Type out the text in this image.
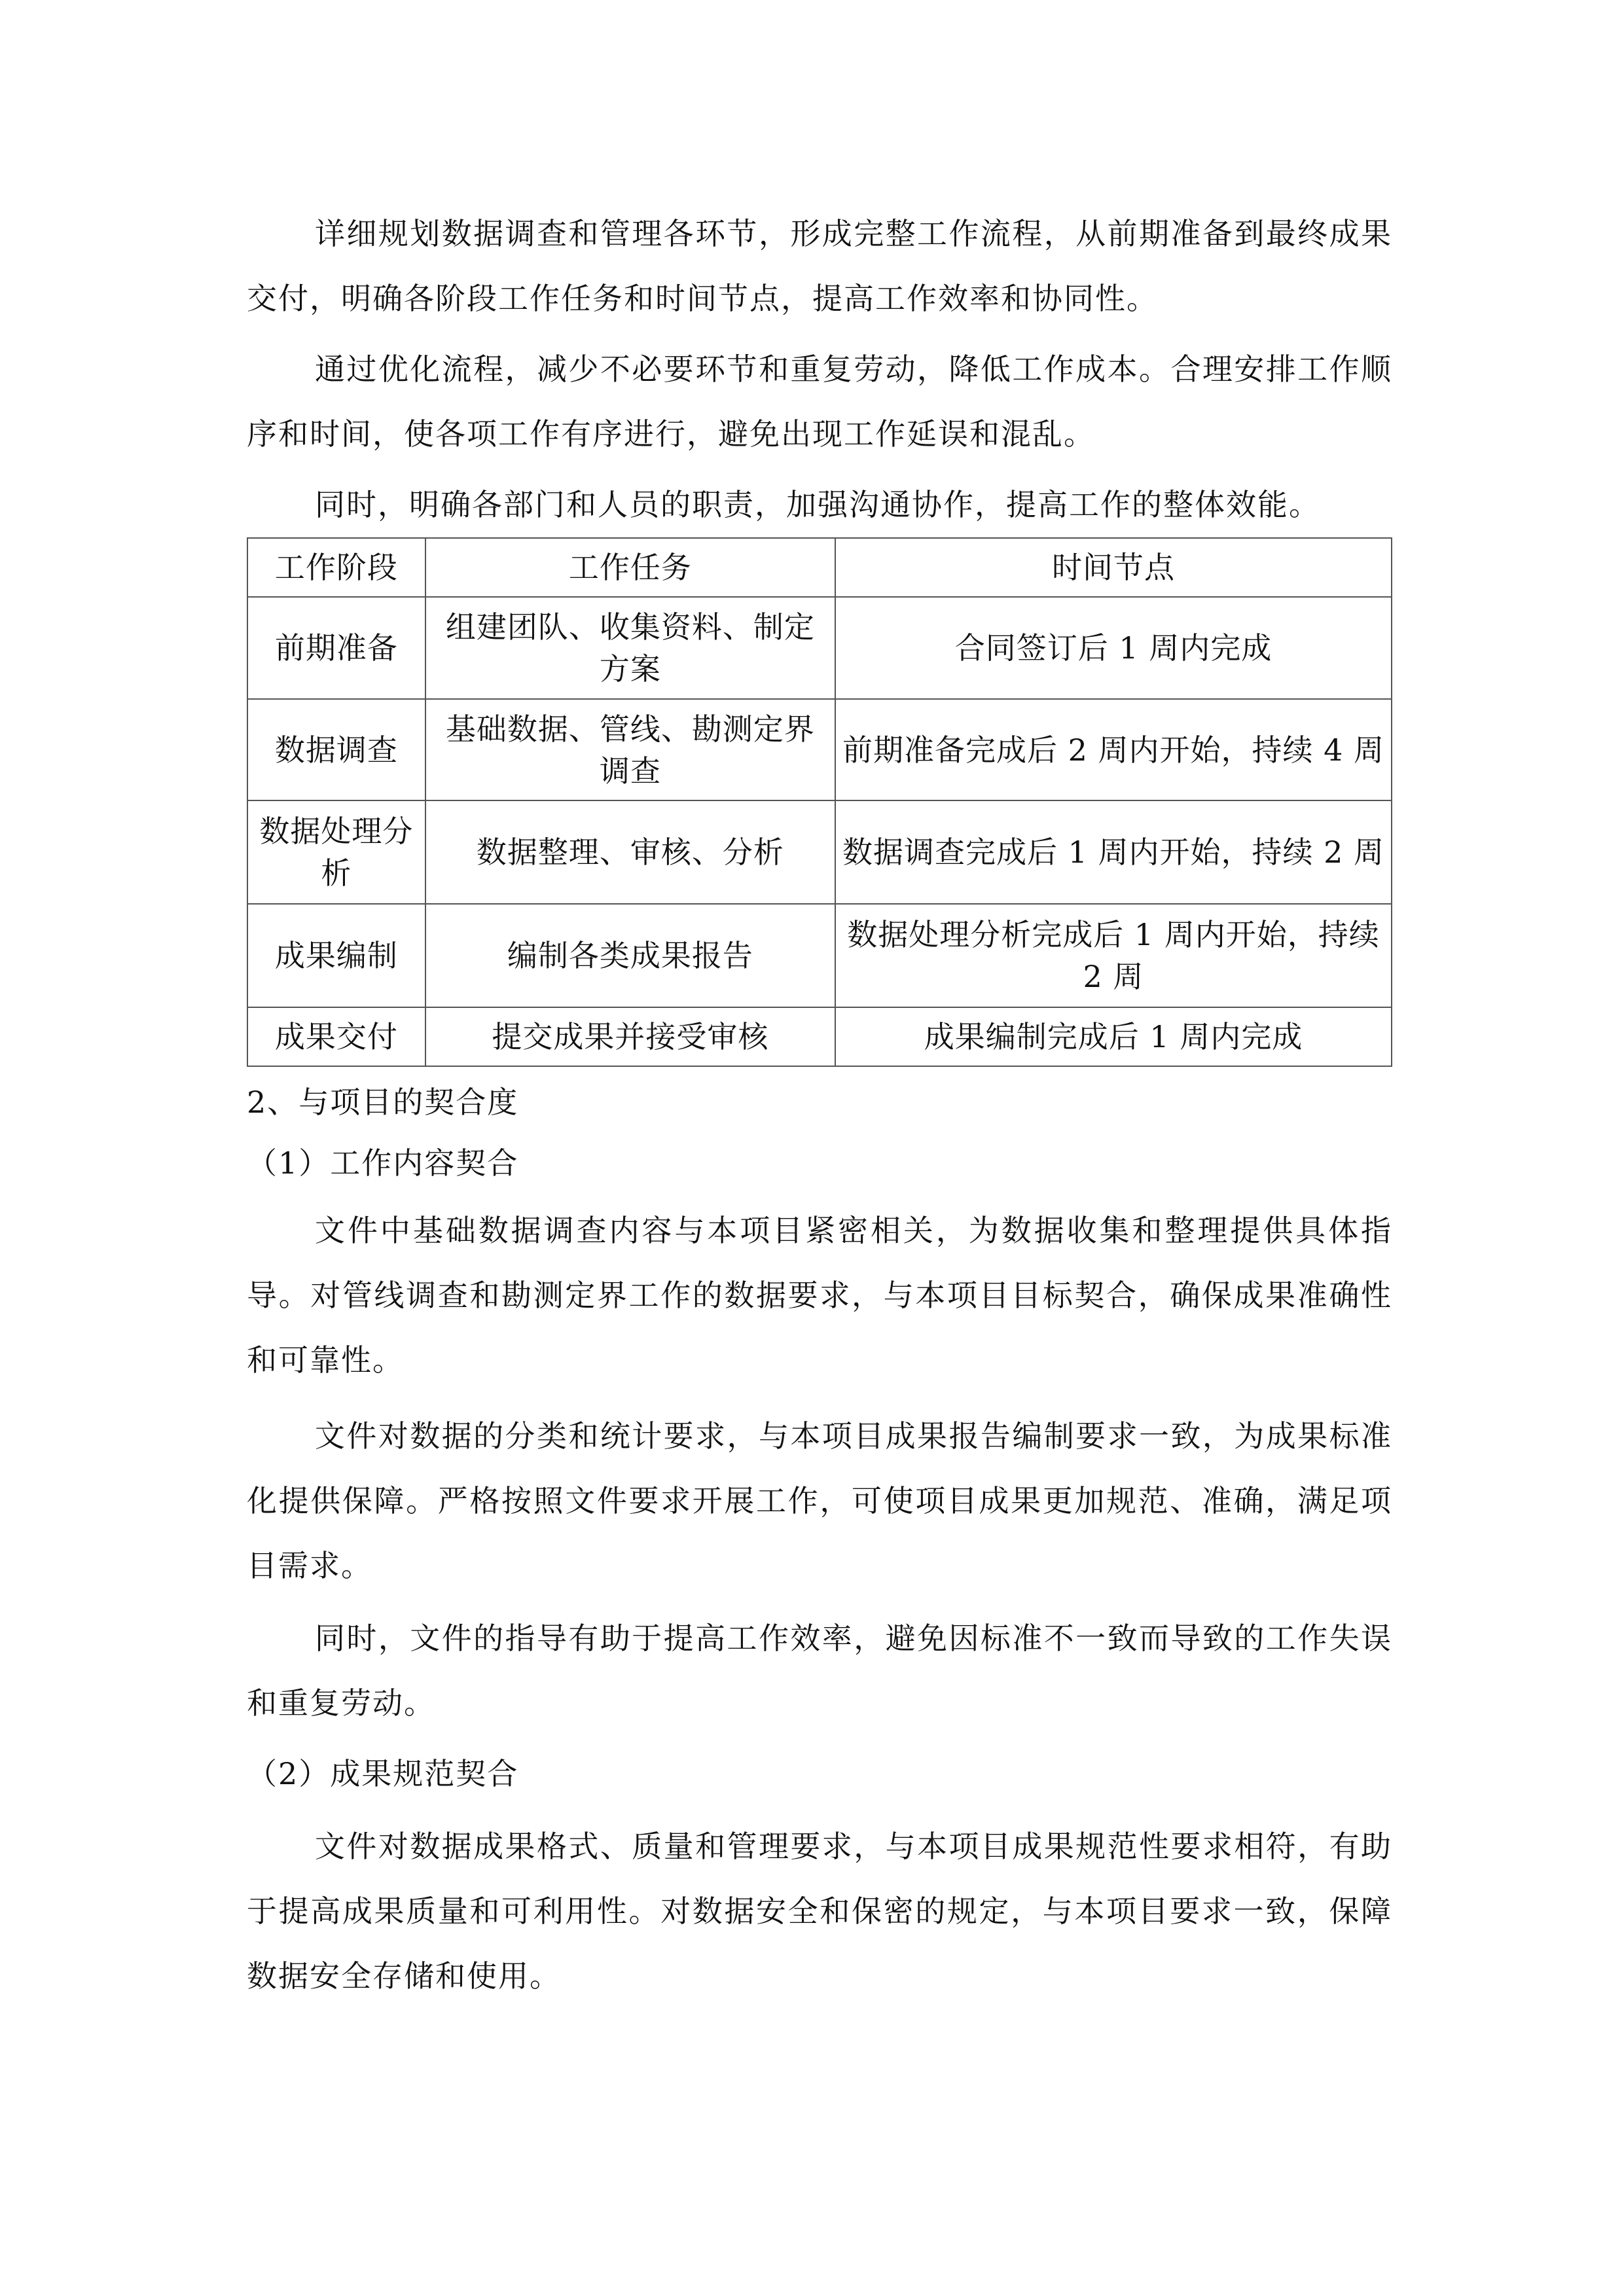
详细规划数据调查和管理各环节，形成完整工作流程，从前期准备到最终成果交付，明确各阶段工作任务和时间节点，提高工作效率和协同性。

通过优化流程，减少不必要环节和重复劳动，降低工作成本。合理安排工作顺序和时间，使各项工作有序进行，避免出现工作延误和混乱。

同时，明确各部门和人员的职责，加强沟通协作，提高工作的整体效能。

工作阶段	工作任务	时间节点
前期准备	组建团队、收集资料、制定方案	合同签订后 1 周内完成
数据调查	基础数据、管线、勘测定界调查	前期准备完成后 2 周内开始，持续 4 周
数据处理分析	数据整理、审核、分析	数据调查完成后 1 周内开始，持续 2 周
成果编制	编制各类成果报告	数据处理分析完成后 1 周内开始，持续 2 周
成果交付	提交成果并接受审核	成果编制完成后 1 周内完成
2、与项目的契合度
（1）工作内容契合

文件中基础数据调查内容与本项目紧密相关，为数据收集和整理提供具体指导。对管线调查和勘测定界工作的数据要求，与本项目目标契合，确保成果准确性和可靠性。

文件对数据的分类和统计要求，与本项目成果报告编制要求一致，为成果标准化提供保障。严格按照文件要求开展工作，可使项目成果更加规范、准确，满足项目需求。

同时，文件的指导有助于提高工作效率，避免因标准不一致而导致的工作失误和重复劳动。

（2）成果规范契合

文件对数据成果格式、质量和管理要求，与本项目成果规范性要求相符，有助于提高成果质量和可利用性。对数据安全和保密的规定，与本项目要求一致，保障数据安全存储和使用。
